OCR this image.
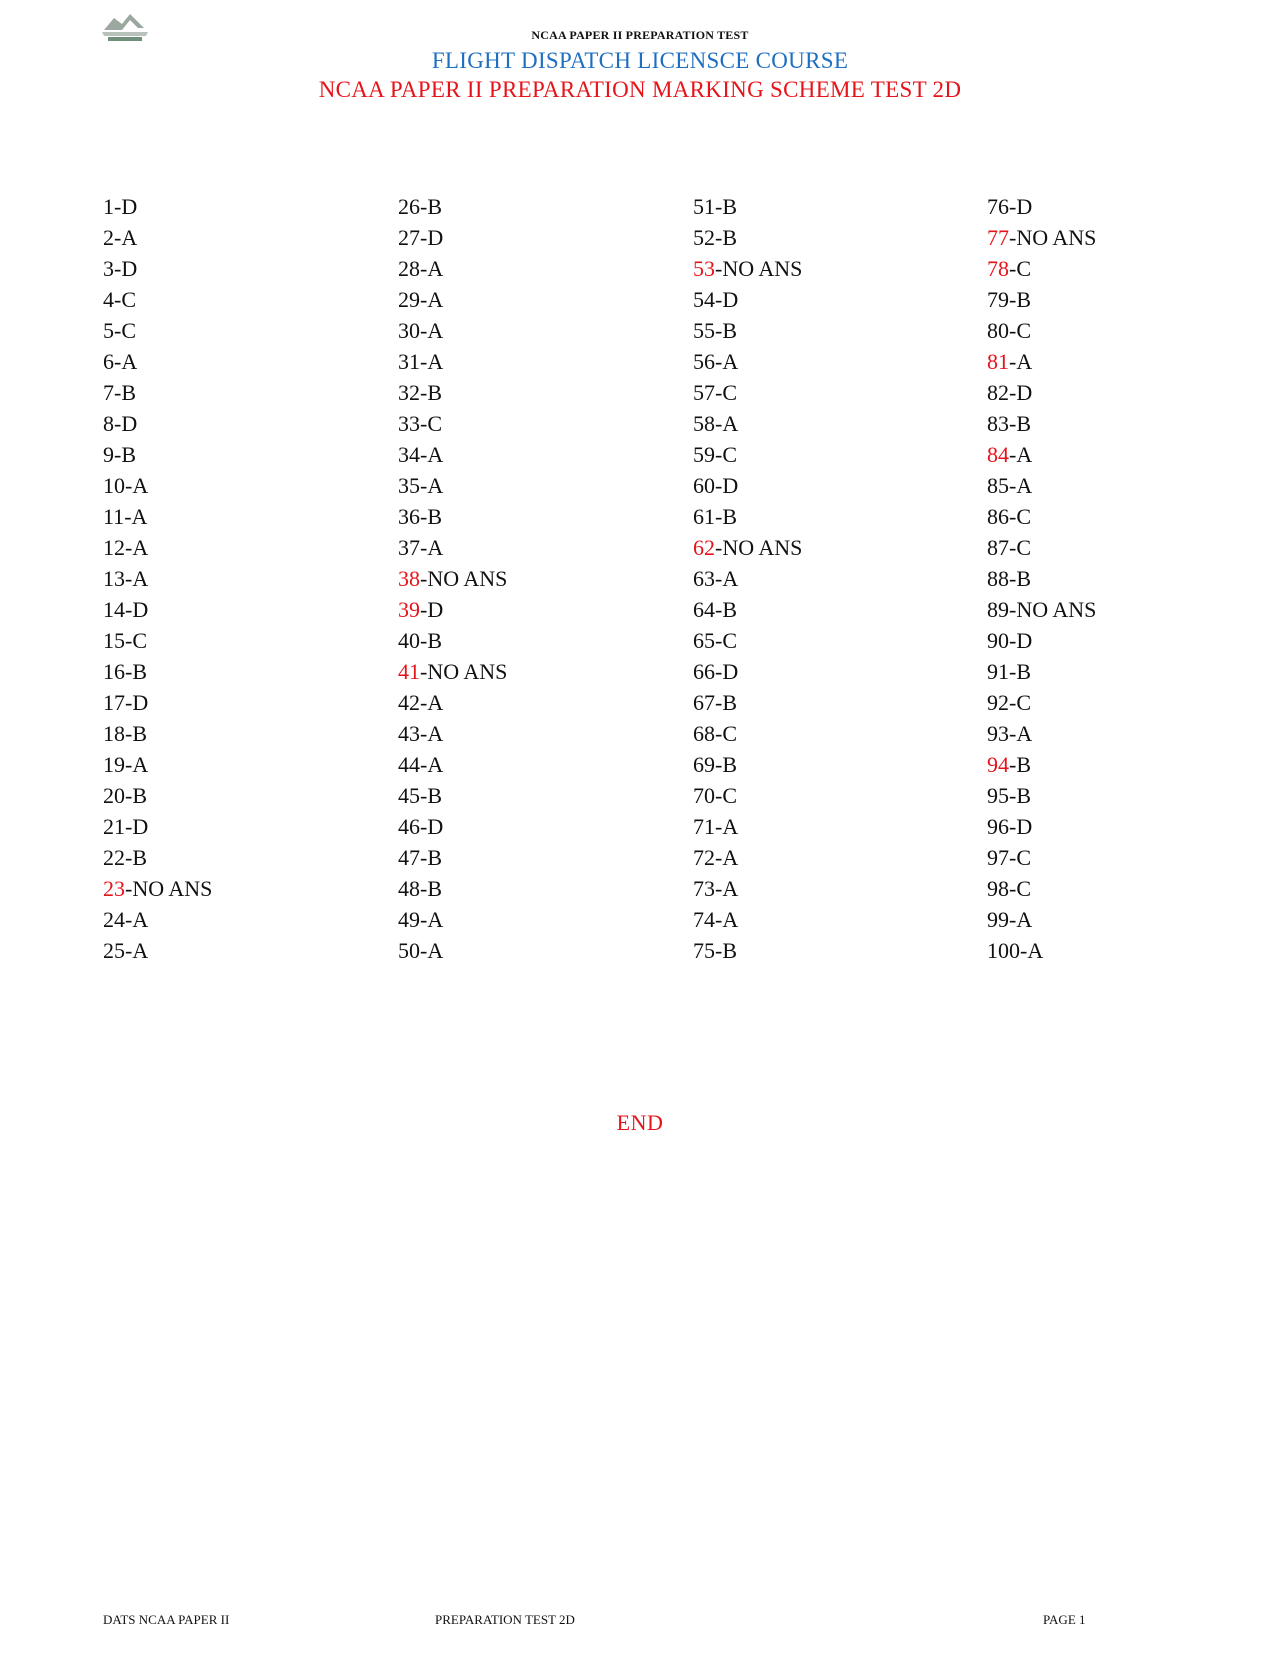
NCAA PAPER II PREPARATION TEST
FLIGHT DISPATCH LICENSCE COURSE
NCAA PAPER II PREPARATION MARKING SCHEME TEST 2D
1-D
2-A
3-D
4-C
5-C
6-A
7-B
8-D
9-B
10-A
11-A
12-A
13-A
14-D
15-C
16-B
17-D
18-B
19-A
20-B
21-D
22-B
23-NO ANS
24-A
25-A
26-B
27-D
28-A
29-A
30-A
31-A
32-B
33-C
34-A
35-A
36-B
37-A
38-NO ANS
39-D
40-B
41-NO ANS
42-A
43-A
44-A
45-B
46-D
47-B
48-B
49-A
50-A
51-B
52-B
53-NO ANS
54-D
55-B
56-A
57-C
58-A
59-C
60-D
61-B
62-NO ANS
63-A
64-B
65-C
66-D
67-B
68-C
69-B
70-C
71-A
72-A
73-A
74-A
75-B
76-D
77-NO ANS
78-C
79-B
80-C
81-A
82-D
83-B
84-A
85-A
86-C
87-C
88-B
89-NO ANS
90-D
91-B
92-C
93-A
94-B
95-B
96-D
97-C
98-C
99-A
100-A
END
DATS NCAA PAPER II	PREPARATION TEST 2D	PAGE 1
